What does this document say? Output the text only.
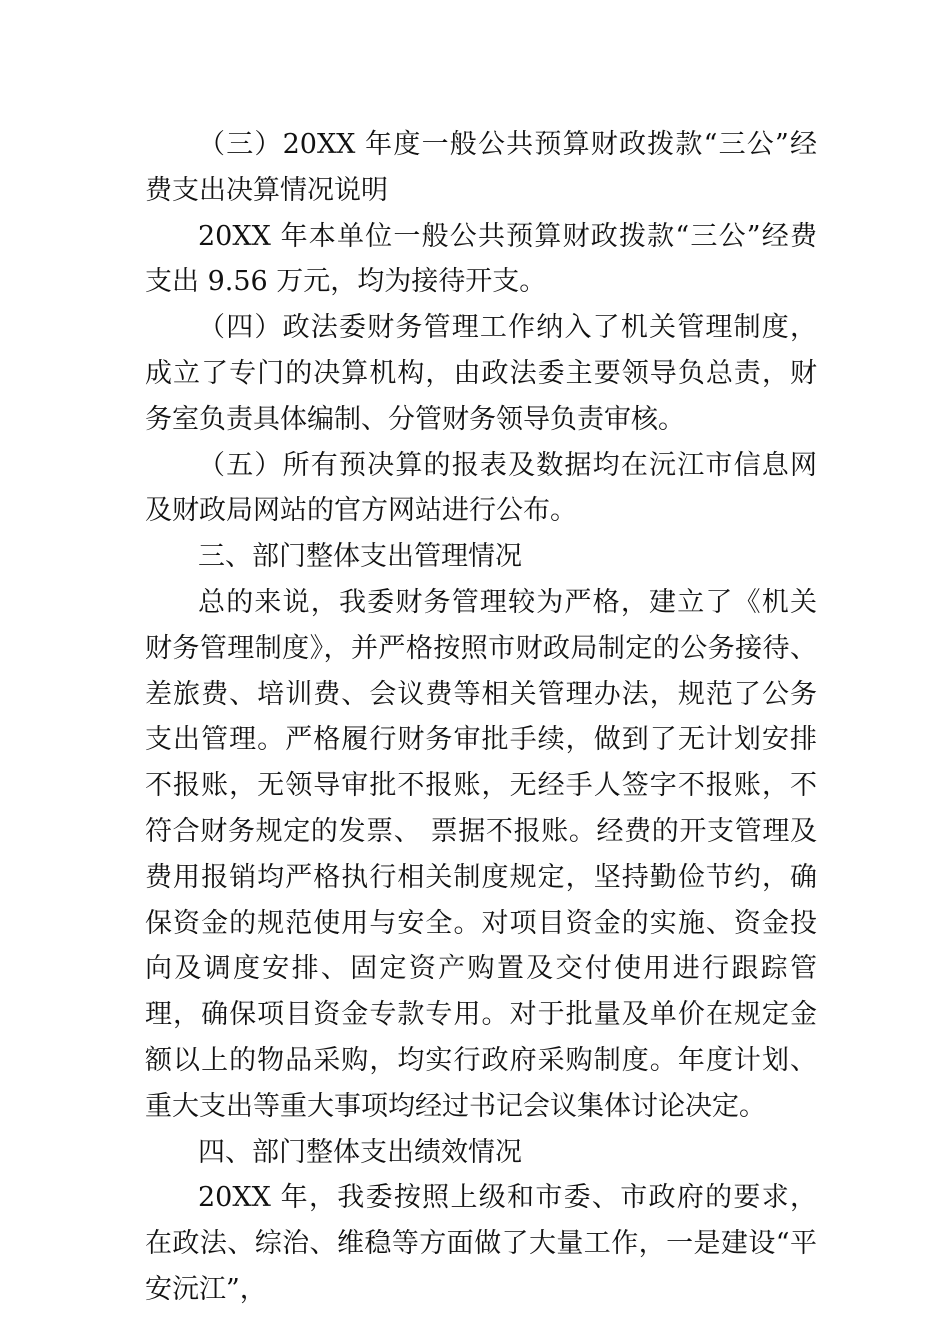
（三）20XX 年度一般公共预算财政拨款“三公”经费支出决算情况说明

20XX 年本单位一般公共预算财政拨款“三公”经费支出 9.56 万元，均为接待开支。

（四）政法委财务管理工作纳入了机关管理制度，成立了专门的决算机构，由政法委主要领导负总责，财务室负责具体编制、分管财务领导负责审核。

（五）所有预决算的报表及数据均在沅江市信息网及财政局网站的官方网站进行公布。

三、部门整体支出管理情况

总的来说，我委财务管理较为严格，建立了《机关财务管理制度》，并严格按照市财政局制定的公务接待、差旅费、培训费、会议费等相关管理办法，规范了公务支出管理。严格履行财务审批手续，做到了无计划安排不报账，无领导审批不报账，无经手人签字不报账，不符合财务规定的发票、 票据不报账。经费的开支管理及费用报销均严格执行相关制度规定，坚持勤俭节约，确保资金的规范使用与安全。对项目资金的实施、资金投向及调度安排、固定资产购置及交付使用进行跟踪管理，确保项目资金专款专用。对于批量及单价在规定金额以上的物品采购，均实行政府采购制度。年度计划、重大支出等重大事项均经过书记会议集体讨论决定。

四、部门整体支出绩效情况

20XX 年，我委按照上级和市委、市政府的要求，在政法、综治、维稳等方面做了大量工作，一是建设“平安沅江”，
